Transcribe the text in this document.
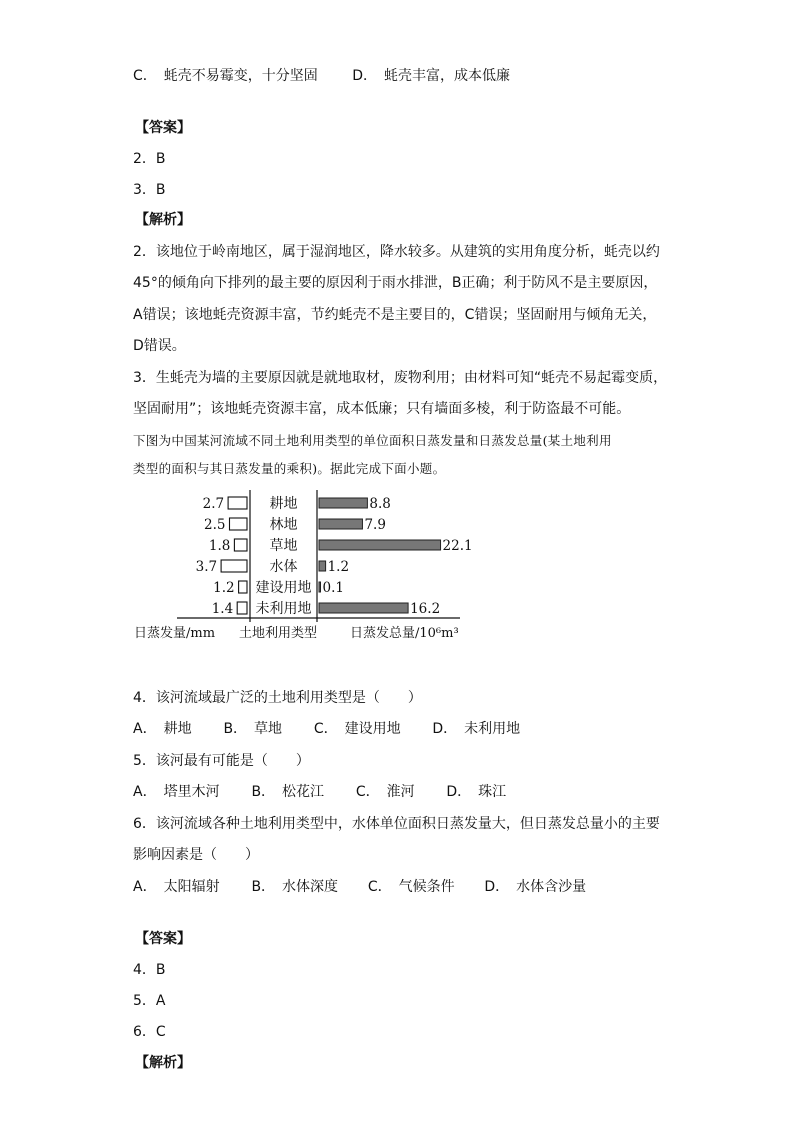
C．　蚝壳不易霉变，十分坚固 D．　蚝壳丰富，成本低廉
【答案】
2．B
3．B
【解析】
2．该地位于岭南地区，属于湿润地区，降水较多。从建筑的实用角度分析，蚝壳以约
45°的倾角向下排列的最主要的原因利于雨水排泄，B正确；利于防风不是主要原因，
A错误；该地蚝壳资源丰富，节约蚝壳不是主要目的，C错误；坚固耐用与倾角无关，
D错误。
3．生蚝壳为墙的主要原因就是就地取材，废物利用；由材料可知“蚝壳不易起霉变质，
坚固耐用”；该地蚝壳资源丰富，成本低廉；只有墙面多棱，利于防盗最不可能。
下图为中国某河流域不同土地利用类型的单位面积日蒸发量和日蒸发总量(某土地利用
类型的面积与其日蒸发量的乘积)。据此完成下面小题。
耕地
2.7	8.8
林地
2.5	7.9
草地
1.8	22.1
水体
3.7	1.2
建设用地
1.2	0.1
未利用地
1.4	16.2
日蒸发量/mm 土地利用类型	日蒸发总量/10⁶m³
4．该河流域最广泛的土地利用类型是（　　）
A．　耕地 B．　草地 C．　建设用地 D．　未利用地
5．该河最有可能是（　　）
A．　塔里木河 B．　松花江 C．　淮河 D．　珠江
6．该河流域各种土地利用类型中，水体单位面积日蒸发量大，但日蒸发总量小的主要
影响因素是（　　）
A．　太阳辐射 B．　水体深度 C．　气候条件 D．　水体含沙量
【答案】
4．B
5．A
6．C
【解析】
